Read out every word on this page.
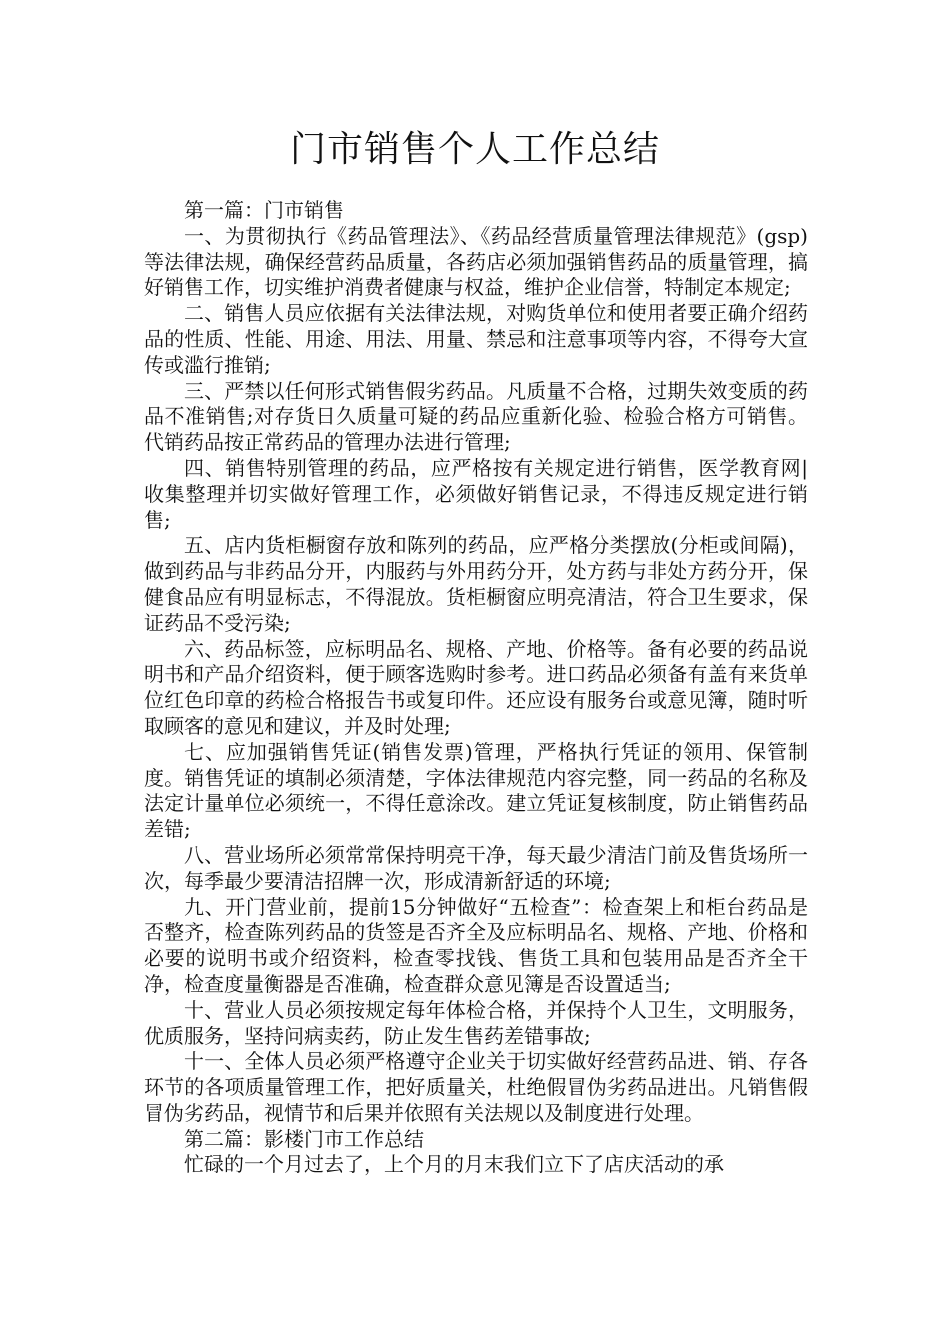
门市销售个人工作总结

第一篇：门市销售

一、为贯彻执行《药品管理法》、《药品经营质量管理法律规范》(gsp)等法律法规，确保经营药品质量，各药店必须加强销售药品的质量管理，搞好销售工作，切实维护消费者健康与权益，维护企业信誉，特制定本规定;

二、销售人员应依据有关法律法规，对购货单位和使用者要正确介绍药品的性质、性能、用途、用法、用量、禁忌和注意事项等内容，不得夸大宣传或滥行推销;

三、严禁以任何形式销售假劣药品。凡质量不合格，过期失效变质的药品不准销售;对存货日久质量可疑的药品应重新化验、检验合格方可销售。代销药品按正常药品的管理办法进行管理;

四、销售特别管理的药品，应严格按有关规定进行销售，医学教育网|收集整理并切实做好管理工作，必须做好销售记录，不得违反规定进行销售;

五、店内货柜橱窗存放和陈列的药品，应严格分类摆放(分柜或间隔)，做到药品与非药品分开，内服药与外用药分开，处方药与非处方药分开，保健食品应有明显标志，不得混放。货柜橱窗应明亮清洁，符合卫生要求，保证药品不受污染;

六、药品标签，应标明品名、规格、产地、价格等。备有必要的药品说明书和产品介绍资料，便于顾客选购时参考。进口药品必须备有盖有来货单位红色印章的药检合格报告书或复印件。还应设有服务台或意见簿，随时听取顾客的意见和建议，并及时处理;

七、应加强销售凭证(销售发票)管理，严格执行凭证的领用、保管制度。销售凭证的填制必须清楚，字体法律规范内容完整，同一药品的名称及法定计量单位必须统一，不得任意涂改。建立凭证复核制度，防止销售药品差错;

八、营业场所必须常常保持明亮干净，每天最少清洁门前及售货场所一次，每季最少要清洁招牌一次，形成清新舒适的环境;

九、开门营业前，提前15分钟做好“五检查”：检查架上和柜台药品是否整齐，检查陈列药品的货签是否齐全及应标明品名、规格、产地、价格和必要的说明书或介绍资料，检查零找钱、售货工具和包装用品是否齐全干净，检查度量衡器是否准确，检查群众意见簿是否设置适当;

十、营业人员必须按规定每年体检合格，并保持个人卫生，文明服务，优质服务，坚持问病卖药，防止发生售药差错事故;

十一、全体人员必须严格遵守企业关于切实做好经营药品进、销、存各环节的各项质量管理工作，把好质量关，杜绝假冒伪劣药品进出。凡销售假冒伪劣药品，视情节和后果并依照有关法规以及制度进行处理。

第二篇：影楼门市工作总结

忙碌的一个月过去了，上个月的月末我们立下了店庆活动的承
